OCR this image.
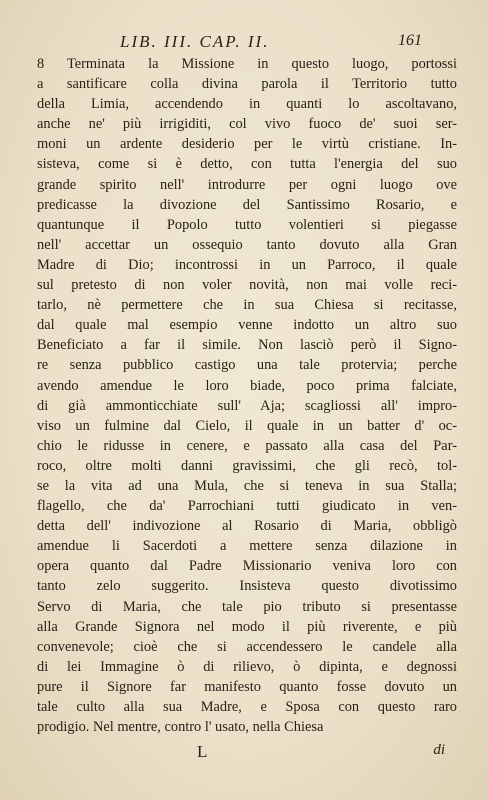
LIB. III. CAP. II.	161
8 Terminata la Missione in questo luogo, portossi
a santificare colla divina parola il Territorio tutto
della Limia, accendendo in quanti lo ascoltavano,
anche ne' più irrigiditi, col vivo fuoco de' suoi ser-
moni un ardente desiderio per le virtù cristiane. In-
sisteva, come si è detto, con tutta l'energia del suo
grande spirito nell' introdurre per ogni luogo ove
predicasse la divozione del Santissimo Rosario, e
quantunque il Popolo tutto volentieri si piegasse
nell' accettar un ossequio tanto dovuto alla Gran
Madre di Dio; incontrossi in un Parroco, il quale
sul pretesto di non voler novità, non mai volle reci-
tarlo, nè permettere che in sua Chiesa si recitasse,
dal quale mal esempio venne indotto un altro suo
Beneficiato a far il simile. Non lasciò però il Signo-
re senza pubblico castigo una tale protervia; perche
avendo amendue le loro biade, poco prima falciate,
di già ammonticchiate sull' Aja; scagliossi all' impro-
viso un fulmine dal Cielo, il quale in un batter d' oc-
chio le ridusse in cenere, e passato alla casa del Par-
roco, oltre molti danni gravissimi, che gli recò, tol-
se la vita ad una Mula, che si teneva in sua Stalla;
flagello, che da' Parrochiani tutti giudicato in ven-
detta dell' indivozione al Rosario di Maria, obbligò
amendue li Sacerdoti a mettere senza dilazione in
opera quanto dal Padre Missionario veniva loro con
tanto zelo suggerito. Insisteva questo divotissimo
Servo di Maria, che tale pio tributo si presentasse
alla Grande Signora nel modo il più riverente, e più
convenevole; cioè che si accendessero le candele alla
di lei Immagine ò di rilievo, ò dipinta, e degnossi
pure il Signore far manifesto quanto fosse dovuto un
tale culto alla sua Madre, e Sposa con questo raro
prodigio. Nel mentre, contro l' usato, nella Chiesa
L	di
